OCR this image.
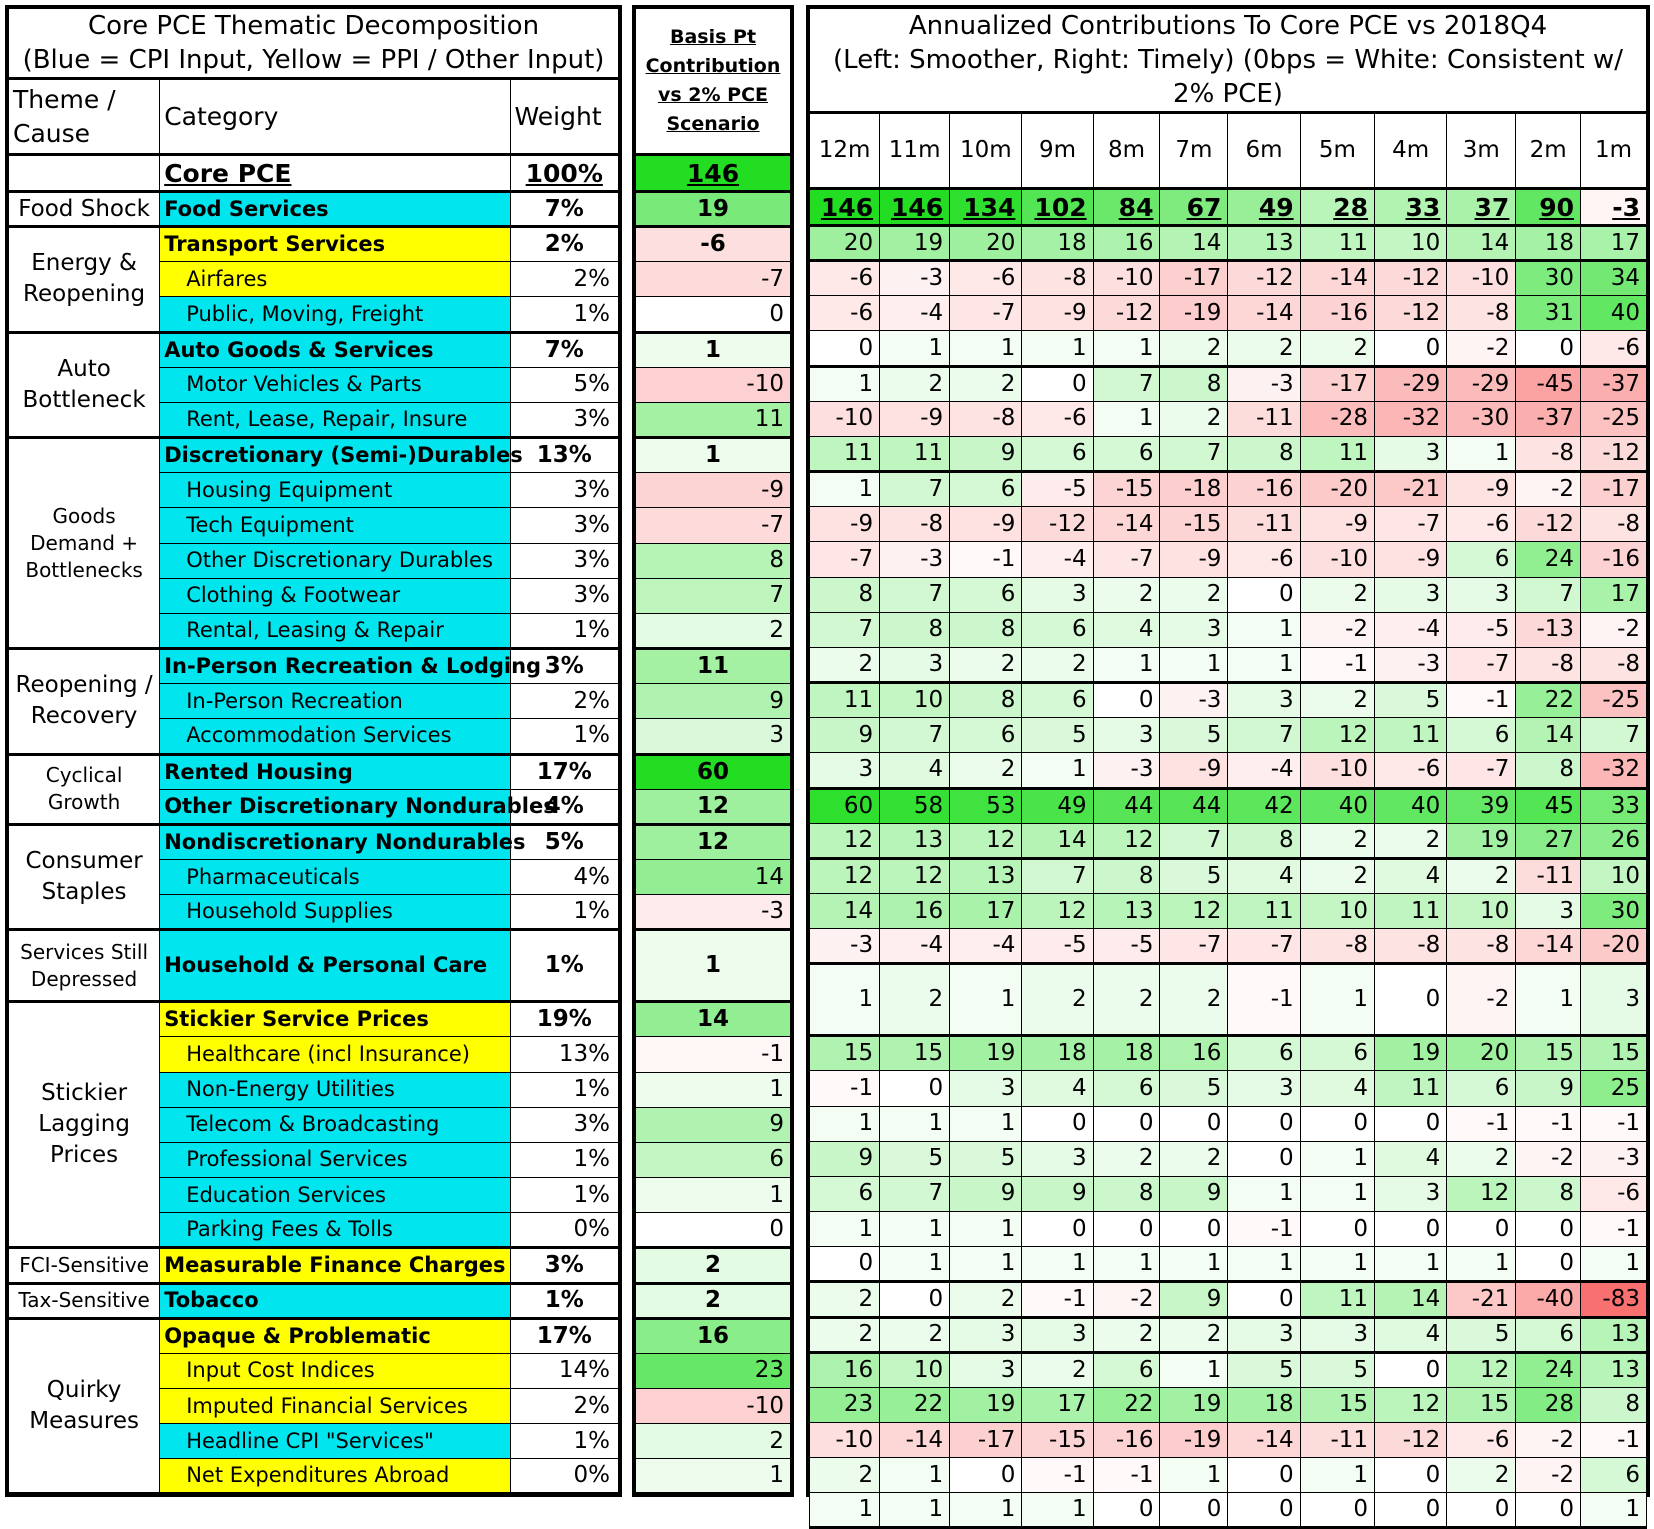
Core PCE Thematic Decomposition
(Blue = CPI Input, Yellow = PPI / Other Input)		

Theme / Cause	Category	Weight
	Core PCE	100%
Food Shock	Food Services	7%
Energy & Reopening	Transport Services	2%
	Airfares	2%
	Public, Moving, Freight	1%
Auto Bottleneck	Auto Goods & Services	7%
	Motor Vehicles & Parts	5%
	Rent, Lease, Repair, Insure	3%
Goods Demand + Bottlenecks	Discretionary (Semi-)Durables	13%
	Housing Equipment	3%
	Tech Equipment	3%
	Other Discretionary Durables	3%
	Clothing & Footwear	3%
	Rental, Leasing & Repair	1%
Reopening / Recovery	In-Person Recreation & Lodging	3%
	In-Person Recreation	2%
	Accommodation Services	1%
Cyclical Growth	Rented Housing	17%
	Other Discretionary Nondurables	4%
Consumer Staples	Nondiscretionary Nondurables	5%
	Pharmaceuticals	4%
	Household Supplies	1%
Services Still Depressed	Household & Personal Care	1%
Stickier Lagging Prices	Stickier Service Prices	19%
	Healthcare (incl Insurance)	13%
	Non-Energy Utilities	1%
	Telecom & Broadcasting	3%
	Professional Services	1%
	Education Services	1%
	Parking Fees & Tolls	0%
FCI-Sensitive	Measurable Finance Charges	3%
Tax-Sensitive	Tobacco	1%
Quirky Measures	Opaque & Problematic	17%
	Input Cost Indices	14%
	Imputed Financial Services	2%
	Headline CPI "Services"	1%
	Net Expenditures Abroad	0%
Basis Pt Contribution vs 2% PCE Scenario
146
19
-6
-7
0
1
-10
11
1
-9
-7
8
7
2
11
9
3
60
12
12
14
-3
1
14
-1
1
9
6
1
0
2
2
16
23
-10
2
1
Annualized Contributions To Core PCE vs 2018Q4
(Left: Smoother, Right: Timely) (0bps = White: Consistent w/ 2% PCE)											

12m	11m	10m	9m	8m	7m	6m	5m	4m	3m	2m	1m
146	146	134	102	84	67	49	28	33	37	90	-3
20	19	20	18	16	14	13	11	10	14	18	17
-6	-3	-6	-8	-10	-17	-12	-14	-12	-10	30	34
-6	-4	-7	-9	-12	-19	-14	-16	-12	-8	31	40
0	1	1	1	1	2	2	2	0	-2	0	-6
1	2	2	0	7	8	-3	-17	-29	-29	-45	-37
-10	-9	-8	-6	1	2	-11	-28	-32	-30	-37	-25
11	11	9	6	6	7	8	11	3	1	-8	-12
1	7	6	-5	-15	-18	-16	-20	-21	-9	-2	-17
-9	-8	-9	-12	-14	-15	-11	-9	-7	-6	-12	-8
-7	-3	-1	-4	-7	-9	-6	-10	-9	6	24	-16
8	7	6	3	2	2	0	2	3	3	7	17
7	8	8	6	4	3	1	-2	-4	-5	-13	-2
2	3	2	2	1	1	1	-1	-3	-7	-8	-8
11	10	8	6	0	-3	3	2	5	-1	22	-25
9	7	6	5	3	5	7	12	11	6	14	7
3	4	2	1	-3	-9	-4	-10	-6	-7	8	-32
60	58	53	49	44	44	42	40	40	39	45	33
12	13	12	14	12	7	8	2	2	19	27	26
12	12	13	7	8	5	4	2	4	2	-11	10
14	16	17	12	13	12	11	10	11	10	3	30
-3	-4	-4	-5	-5	-7	-7	-8	-8	-8	-14	-20
1	2	1	2	2	2	-1	1	0	-2	1	3
15	15	19	18	18	16	6	6	19	20	15	15
-1	0	3	4	6	5	3	4	11	6	9	25
1	1	1	0	0	0	0	0	0	-1	-1	-1
9	5	5	3	2	2	0	1	4	2	-2	-3
6	7	9	9	8	9	1	1	3	12	8	-6
1	1	1	0	0	0	-1	0	0	0	0	-1
0	1	1	1	1	1	1	1	1	1	0	1
2	0	2	-1	-2	9	0	11	14	-21	-40	-83
2	2	3	3	2	2	3	3	4	5	6	13
16	10	3	2	6	1	5	5	0	12	24	13
23	22	19	17	22	19	18	15	12	15	28	8
-10	-14	-17	-15	-16	-19	-14	-11	-12	-6	-2	-1
2	1	0	-1	-1	1	0	1	0	2	-2	6
1	1	1	1	0	0	0	0	0	0	0	1
